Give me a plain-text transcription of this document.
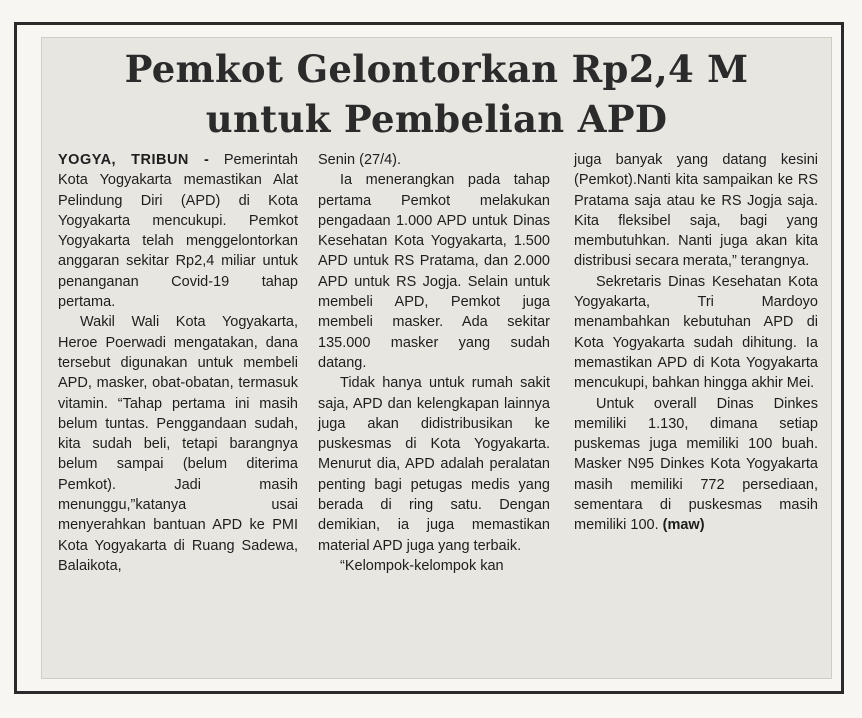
Pemkot Gelontorkan Rp2,4 M
untuk Pembelian APD

YOGYA, TRIBUN - Pemerintah Kota Yogyakarta memastikan Alat Pelindung Diri (APD) di Kota Yogyakarta mencukupi. Pemkot Yogyakarta telah menggelontorkan anggaran sekitar Rp2,4 miliar untuk penanganan Covid-19 tahap pertama.

Wakil Wali Kota Yogyakarta, Heroe Poerwadi mengatakan, dana tersebut digunakan untuk membeli APD, masker, obat-obatan, termasuk vitamin. “Tahap pertama ini masih belum tuntas. Penggandaan sudah, kita sudah beli, tetapi barangnya belum sampai (belum diterima Pemkot). Jadi masih menunggu,”katanya usai menyerahkan bantuan APD ke PMI Kota Yogyakarta di Ruang Sadewa, Balaikota,

Senin (27/4).

Ia menerangkan pada tahap pertama Pemkot melakukan pengadaan 1.000 APD untuk Dinas Kesehatan Kota Yogyakarta, 1.500 APD untuk RS Pratama, dan 2.000 APD untuk RS Jogja. Selain untuk membeli APD, Pemkot juga membeli masker. Ada sekitar 135.000 masker yang sudah datang.

Tidak hanya untuk rumah sakit saja, APD dan kelengkapan lainnya juga akan didistribusikan ke puskesmas di Kota Yogyakarta. Menurut dia, APD adalah peralatan penting bagi petugas medis yang berada di ring satu. Dengan demikian, ia juga memastikan material APD juga yang terbaik.

“Kelompok-kelompok kan

juga banyak yang datang kesini (Pemkot).Nanti kita sampaikan ke RS Pratama saja atau ke RS Jogja saja. Kita fleksibel saja, bagi yang membutuhkan. Nanti juga akan kita distribusi secara merata,” terangnya.

Sekretaris Dinas Kesehatan Kota Yogyakarta, Tri Mardoyo menambahkan kebutuhan APD di Kota Yogyakarta sudah dihitung. Ia memastikan APD di Kota Yogyakarta mencukupi, bahkan hingga akhir Mei.

Untuk overall Dinas Dinkes memiliki 1.130, dimana setiap puskemas juga memiliki 100 buah. Masker N95 Dinkes Kota Yogyakarta masih memiliki 772 persediaan, sementara di puskesmas masih memiliki 100. (maw)
